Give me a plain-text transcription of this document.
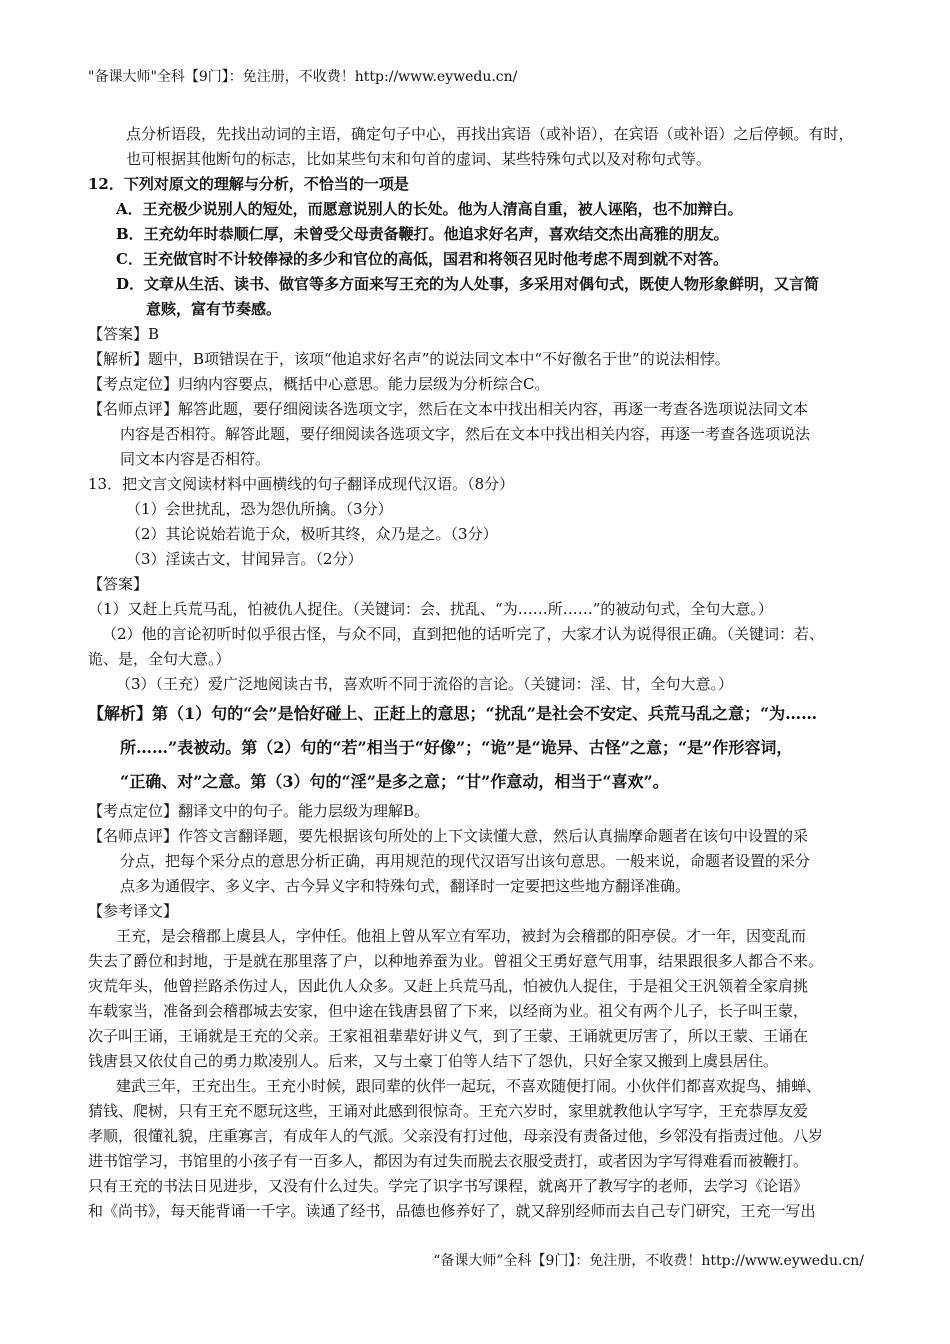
"备课大师"全科【9门】：免注册，不收费！http://www.eywedu.cn/

点分析语段，先找出动词的主语，确定句子中心，再找出宾语（或补语），在宾语（或补语）之后停顿。有时，

也可根据其他断句的标志，比如某些句末和句首的虚词、某些特殊句式以及对称句式等。

12．下列对原文的理解与分析，不恰当的一项是

A．王充极少说别人的短处，而愿意说别人的长处。他为人清高自重，被人诬陷，也不加辩白。

B．王充幼年时恭顺仁厚，未曾受父母责备鞭打。他追求好名声，喜欢结交杰出高雅的朋友。

C．王充做官时不计较俸禄的多少和官位的高低，国君和将领召见时他考虑不周到就不对答。

D．文章从生活、读书、做官等多方面来写王充的为人处事，多采用对偶句式，既使人物形象鲜明，又言简

意赅，富有节奏感。

【答案】B

【解析】题中，B项错误在于，该项“他追求好名声”的说法同文本中“不好徼名于世”的说法相悖。

【考点定位】归纳内容要点，概括中心意思。能力层级为分析综合C。

【名师点评】解答此题，要仔细阅读各选项文字，然后在文本中找出相关内容，再逐一考查各选项说法同文本

内容是否相符。解答此题，要仔细阅读各选项文字，然后在文本中找出相关内容，再逐一考查各选项说法

同文本内容是否相符。

13．把文言文阅读材料中画横线的句子翻译成现代汉语。（8分）

（1）会世扰乱，恐为怨仇所擒。（3分）

（2）其论说始若诡于众，极听其终，众乃是之。（3分）

（3）淫读古文，甘闻异言。（2分）

【答案】

（1）又赶上兵荒马乱，怕被仇人捉住。（关键词：会、扰乱、“为……所……”的被动句式，全句大意。）

（2）他的言论初听时似乎很古怪，与众不同，直到把他的话听完了，大家才认为说得很正确。（关键词：若、

诡、是，全句大意。）

（3）（王充）爱广泛地阅读古书，喜欢听不同于流俗的言论。（关键词：淫、甘，全句大意。）

【解析】第（1）句的“会”是恰好碰上、正赶上的意思；“扰乱”是社会不安定、兵荒马乱之意；“为……

所……”表被动。第（2）句的“若”相当于“好像”；“诡”是“诡异、古怪”之意；“是”作形容词，

“正确、对”之意。第（3）句的“淫”是多之意；“甘”作意动，相当于“喜欢”。

【考点定位】翻译文中的句子。能力层级为理解B。

【名师点评】作答文言翻译题，要先根据该句所处的上下文读懂大意，然后认真揣摩命题者在该句中设置的采

分点，把每个采分点的意思分析正确，再用规范的现代汉语写出该句意思。一般来说，命题者设置的采分

点多为通假字、多义字、古今异义字和特殊句式，翻译时一定要把这些地方翻译准确。

【参考译文】

王充，是会稽郡上虞县人，字仲任。他祖上曾从军立有军功，被封为会稽郡的阳亭侯。才一年，因变乱而

失去了爵位和封地，于是就在那里落了户，以种地养蚕为业。曾祖父王勇好意气用事，结果跟很多人都合不来。

灾荒年头，他曾拦路杀伤过人，因此仇人众多。又赶上兵荒马乱，怕被仇人捉住，于是祖父王汎领着全家肩挑

车载家当，准备到会稽郡城去安家，但中途在钱唐县留了下来，以经商为业。祖父有两个儿子，长子叫王蒙，

次子叫王诵，王诵就是王充的父亲。王家祖祖辈辈好讲义气，到了王蒙、王诵就更厉害了，所以王蒙、王诵在

钱唐县又依仗自己的勇力欺凌别人。后来，又与土豪丁伯等人结下了怨仇，只好全家又搬到上虞县居住。

建武三年，王充出生。王充小时候，跟同辈的伙伴一起玩，不喜欢随便打闹。小伙伴们都喜欢捉鸟、捕蝉、

猜钱、爬树，只有王充不愿玩这些，王诵对此感到很惊奇。王充六岁时，家里就教他认字写字，王充恭厚友爱

孝顺，很懂礼貌，庄重寡言，有成年人的气派。父亲没有打过他，母亲没有责备过他，乡邻没有指责过他。八岁

进书馆学习，书馆里的小孩子有一百多人，都因为有过失而脱去衣服受责打，或者因为字写得难看而被鞭打。

只有王充的书法日见进步，又没有什么过失。学完了识字书写课程，就离开了教写字的老师，去学习《论语》

和《尚书》，每天能背诵一千字。读通了经书，品德也修养好了，就又辞别经师而去自己专门研究，王充一写出

“备课大师”全科【9门】：免注册，不收费！http://www.eywedu.cn/
